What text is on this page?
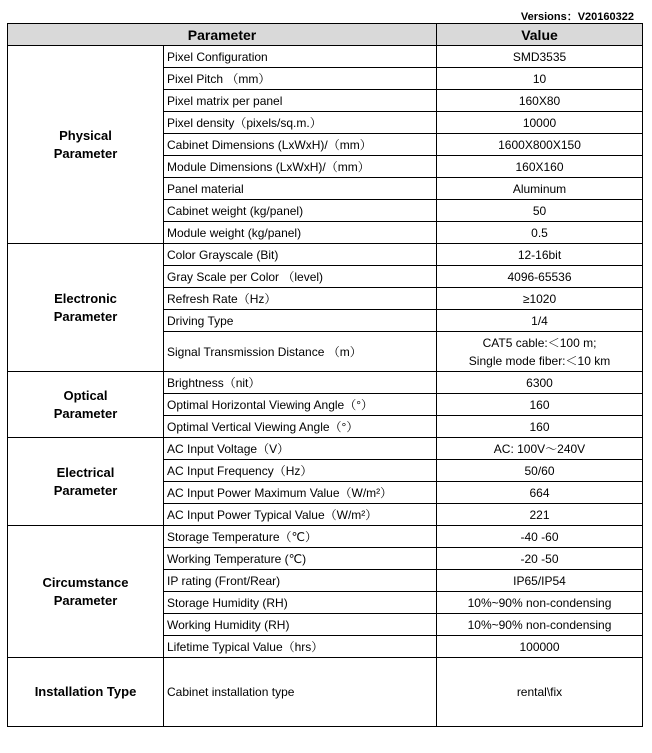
Versions：V20160322
Parameter		Value

Physical
Parameter	Pixel Configuration	SMD3535
	Pixel Pitch （mm）	10
	Pixel matrix per panel	160X80
	Pixel density（pixels/sq.m.）	10000
	Cabinet Dimensions (LxWxH)/（mm）	1600X800X150
	Module Dimensions (LxWxH)/（mm）	160X160
	Panel material	Aluminum
	Cabinet weight (kg/panel)	50
	Module weight (kg/panel)	0.5

Electronic
Parameter	Color Grayscale (Bit)	12-16bit
	Gray Scale per Color （level)	4096-65536
	Refresh Rate（Hz）	≥1020
	Driving Type	1/4
	Signal Transmission Distance （m）	CAT5 cable:＜100 m;
Single mode fiber:＜10 km

Optical
Parameter	Brightness（nit）	6300
	Optimal Horizontal Viewing Angle（°）	160
	Optimal Vertical Viewing Angle（°）	160

Electrical
Parameter	AC Input Voltage（V）	AC: 100V～240V
	AC Input Frequency（Hz）	50/60
	AC Input Power Maximum Value（W/m²）	664
	AC Input Power Typical Value（W/m²）	221

Circumstance
Parameter	Storage Temperature（℃）	-40 -60
	Working Temperature (℃)	-20 -50
	IP rating (Front/Rear)	IP65/IP54
	Storage Humidity (RH)	10%~90% non-condensing
	Working Humidity (RH)	10%~90% non-condensing
	Lifetime Typical Value（hrs）	100000

Installation Type	Cabinet installation type	rental\fix
